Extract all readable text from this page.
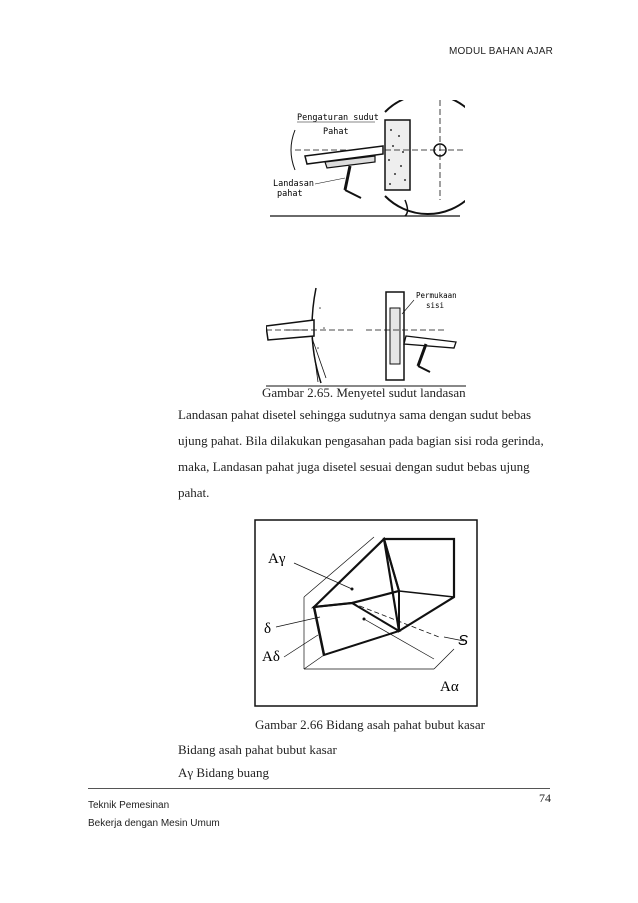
MODUL BAHAN AJAR
Pengaturan sudut
Pahat
Landasan
pahat
Permukaan
sisi
Gambar 2.65. Menyetel sudut landasan
Landasan pahat disetel sehingga sudutnya sama dengan sudut bebas
ujung pahat. Bila dilakukan pengasahan pada bagian sisi roda gerinda,
maka, Landasan pahat juga disetel sesuai dengan sudut bebas ujung
pahat.
Aγ
δ
Aδ
S
Aα
Gambar 2.66 Bidang asah pahat bubut kasar
Bidang asah pahat bubut kasar
Aγ Bidang buang
74
Teknik Pemesinan
Bekerja dengan Mesin Umum
